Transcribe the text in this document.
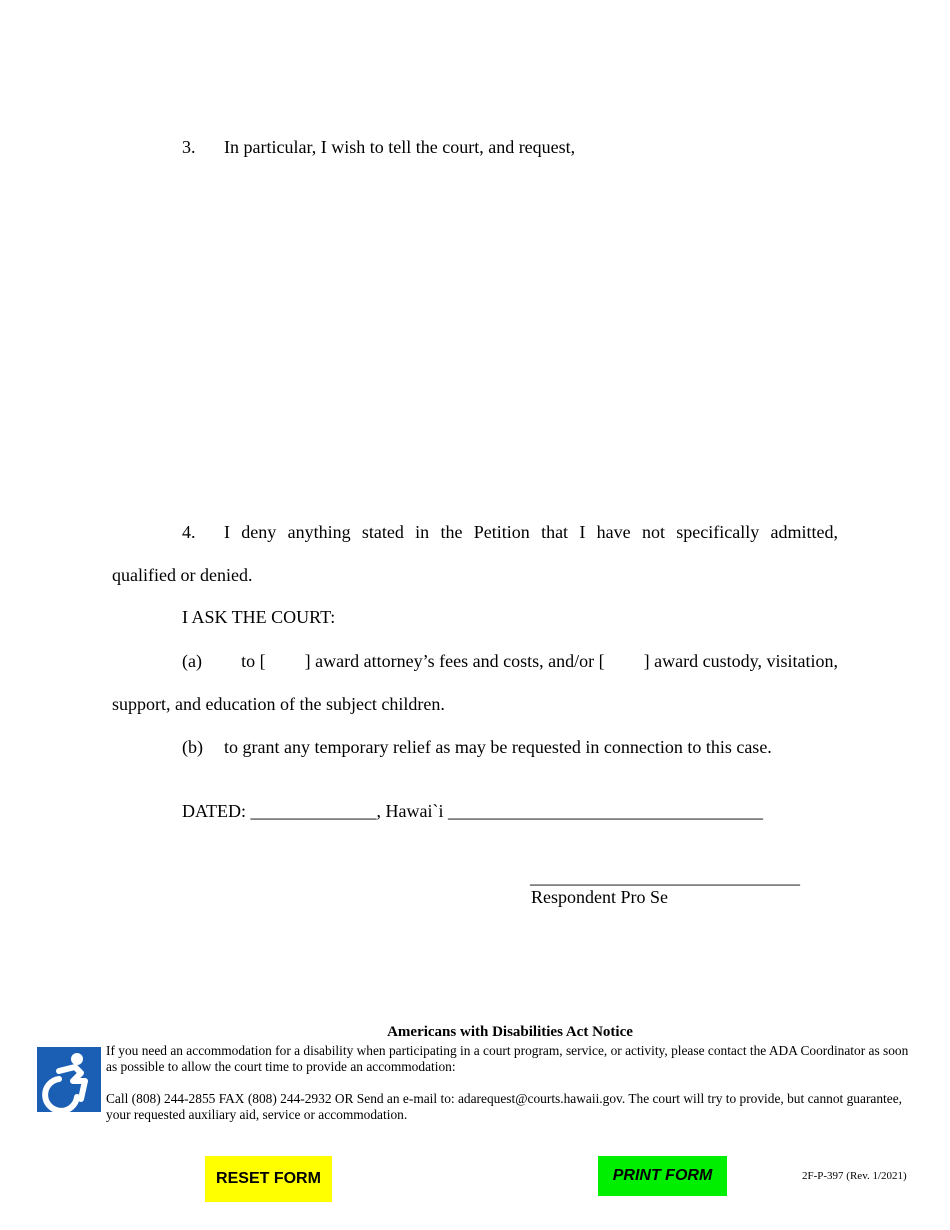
3. In particular, I wish to tell the court, and request,
4. I deny anything stated in the Petition that I have not specifically admitted,
qualified or denied.
I ASK THE COURT:
(a) to [ ] award attorney’s fees and costs, and/or [ ] award custody, visitation,
support, and education of the subject children.
(b) to grant any temporary relief as may be requested in connection to this case.
DATED: ______________, Hawai`i ___________________________________
______________________________
Respondent Pro Se
Americans with Disabilities Act Notice
If you need an accommodation for a disability when participating in a court program, service, or activity, please contact the ADA Coordinator as soon as possible to allow the court time to provide an accommodation:
Call (808) 244-2855 FAX (808) 244-2932 OR Send an e-mail to: adarequest@courts.hawaii.gov. The court will try to provide, but cannot guarantee, your requested auxiliary aid, service or accommodation.
RESET FORM	PRINT FORM	2F-P-397 (Rev. 1/2021)
